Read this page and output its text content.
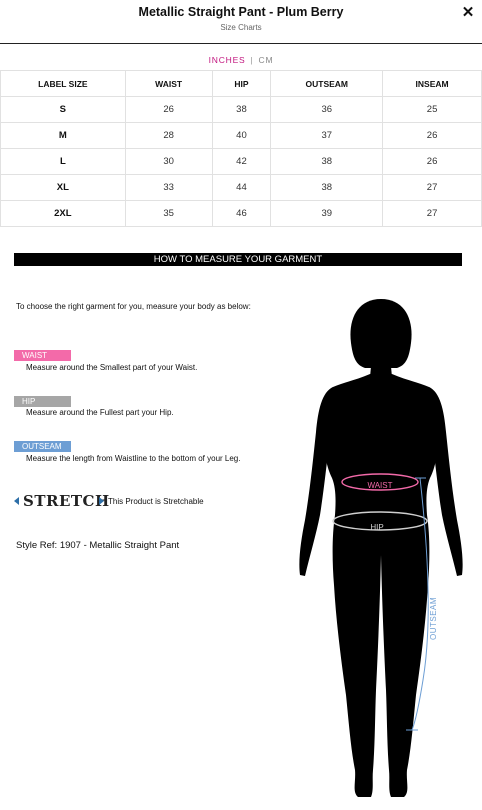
Metallic Straight Pant - Plum Berry
Size Charts
✕
INCHES | CM
LABEL SIZE	WAIST	HIP	OUTSEAM	INSEAM
S	26	38	36	25
M	28	40	37	26
L	30	42	38	26
XL	33	44	38	27
2XL	35	46	39	27
HOW TO MEASURE YOUR GARMENT
To choose the right garment for you, measure your body as below:
WAIST
Measure around the Smallest part of your Waist.
HIP
Measure around the Fullest part your Hip.
OUTSEAM
Measure the length from Waistline to the bottom of your Leg.
STRETCH
This Product is Stretchable
Style Ref: 1907 - Metallic Straight Pant
WAIST
HIP
OUTSEAM
